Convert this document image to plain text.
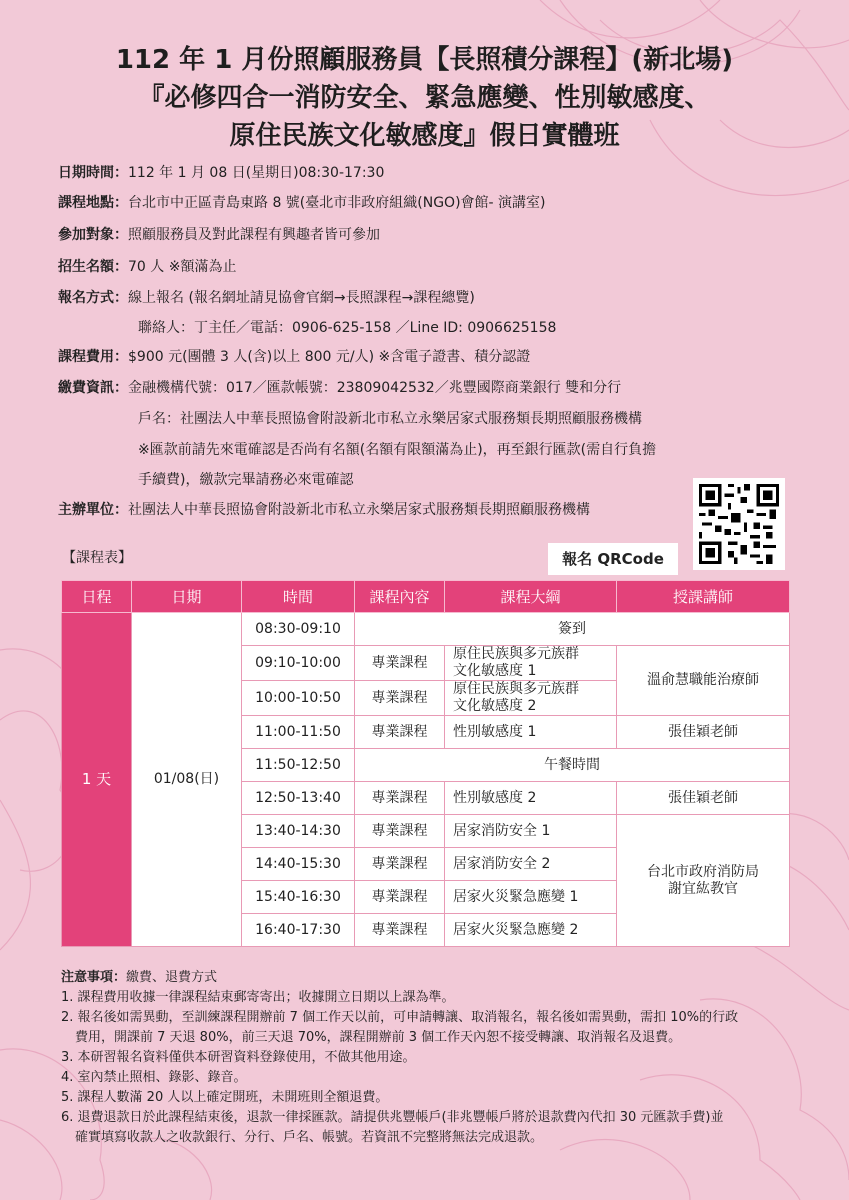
112 年 1 月份照顧服務員【長照積分課程】(新北場)
『必修四合一消防安全、緊急應變、性別敏感度、
原住民族文化敏感度』假日實體班
日期時間：112 年 1 月 08 日(星期日)08:30-17:30
課程地點：台北市中正區青島東路 8 號(臺北市非政府組織(NGO)會館- 演講室)
參加對象：照顧服務員及對此課程有興趣者皆可參加
招生名額：70 人 ※額滿為止
報名方式：線上報名 (報名網址請見協會官網→長照課程→課程總覽)
聯絡人：丁主任／電話：0906-625-158 ／Line ID: 0906625158
課程費用：$900 元(團體 3 人(含)以上 800 元/人) ※含電子證書、積分認證
繳費資訊：金融機構代號：017／匯款帳號：23809042532／兆豐國際商業銀行 雙和分行
戶名：社團法人中華長照協會附設新北市私立永樂居家式服務類長期照顧服務機構
※匯款前請先來電確認是否尚有名額(名額有限額滿為止)，再至銀行匯款(需自行負擔
手續費)，繳款完畢請務必來電確認
主辦單位：社團法人中華長照協會附設新北市私立永樂居家式服務類長期照顧服務機構
報名 QRCode
【課程表】
日程	日期	時間	課程內容	課程大綱	授課講師
1 天	01/08(日)	08:30-09:10	簽到		
		09:10-10:00	專業課程	原住民族與多元族群
文化敏感度 1	溫俞慧職能治療師
		10:00-10:50	專業課程	原住民族與多元族群
文化敏感度 2	
		11:00-11:50	專業課程	性別敏感度 1	張佳穎老師
		11:50-12:50	午餐時間		
		12:50-13:40	專業課程	性別敏感度 2	張佳穎老師
		13:40-14:30	專業課程	居家消防安全 1	台北市政府消防局
謝宜紘教官
		14:40-15:30	專業課程	居家消防安全 2	
		15:40-16:30	專業課程	居家火災緊急應變 1	
		16:40-17:30	專業課程	居家火災緊急應變 2	

注意事項：繳費、退費方式

1. 課程費用收據一律課程結束郵寄寄出；收據開立日期以上課為準。

2. 報名後如需異動，至訓練課程開辦前 7 個工作天以前，可申請轉讓、取消報名，報名後如需異動，需扣 10%的行政

費用，開課前 7 天退 80%，前三天退 70%，課程開辦前 3 個工作天內恕不接受轉讓、取消報名及退費。

3. 本研習報名資料僅供本研習資料登錄使用，不做其他用途。

4. 室內禁止照相、錄影、錄音。

5. 課程人數滿 20 人以上確定開班，未開班則全額退費。

6. 退費退款日於此課程結束後，退款一律採匯款。請提供兆豐帳戶(非兆豐帳戶將於退款費內代扣 30 元匯款手費)並

確實填寫收款人之收款銀行、分行、戶名、帳號。若資訊不完整將無法完成退款。
